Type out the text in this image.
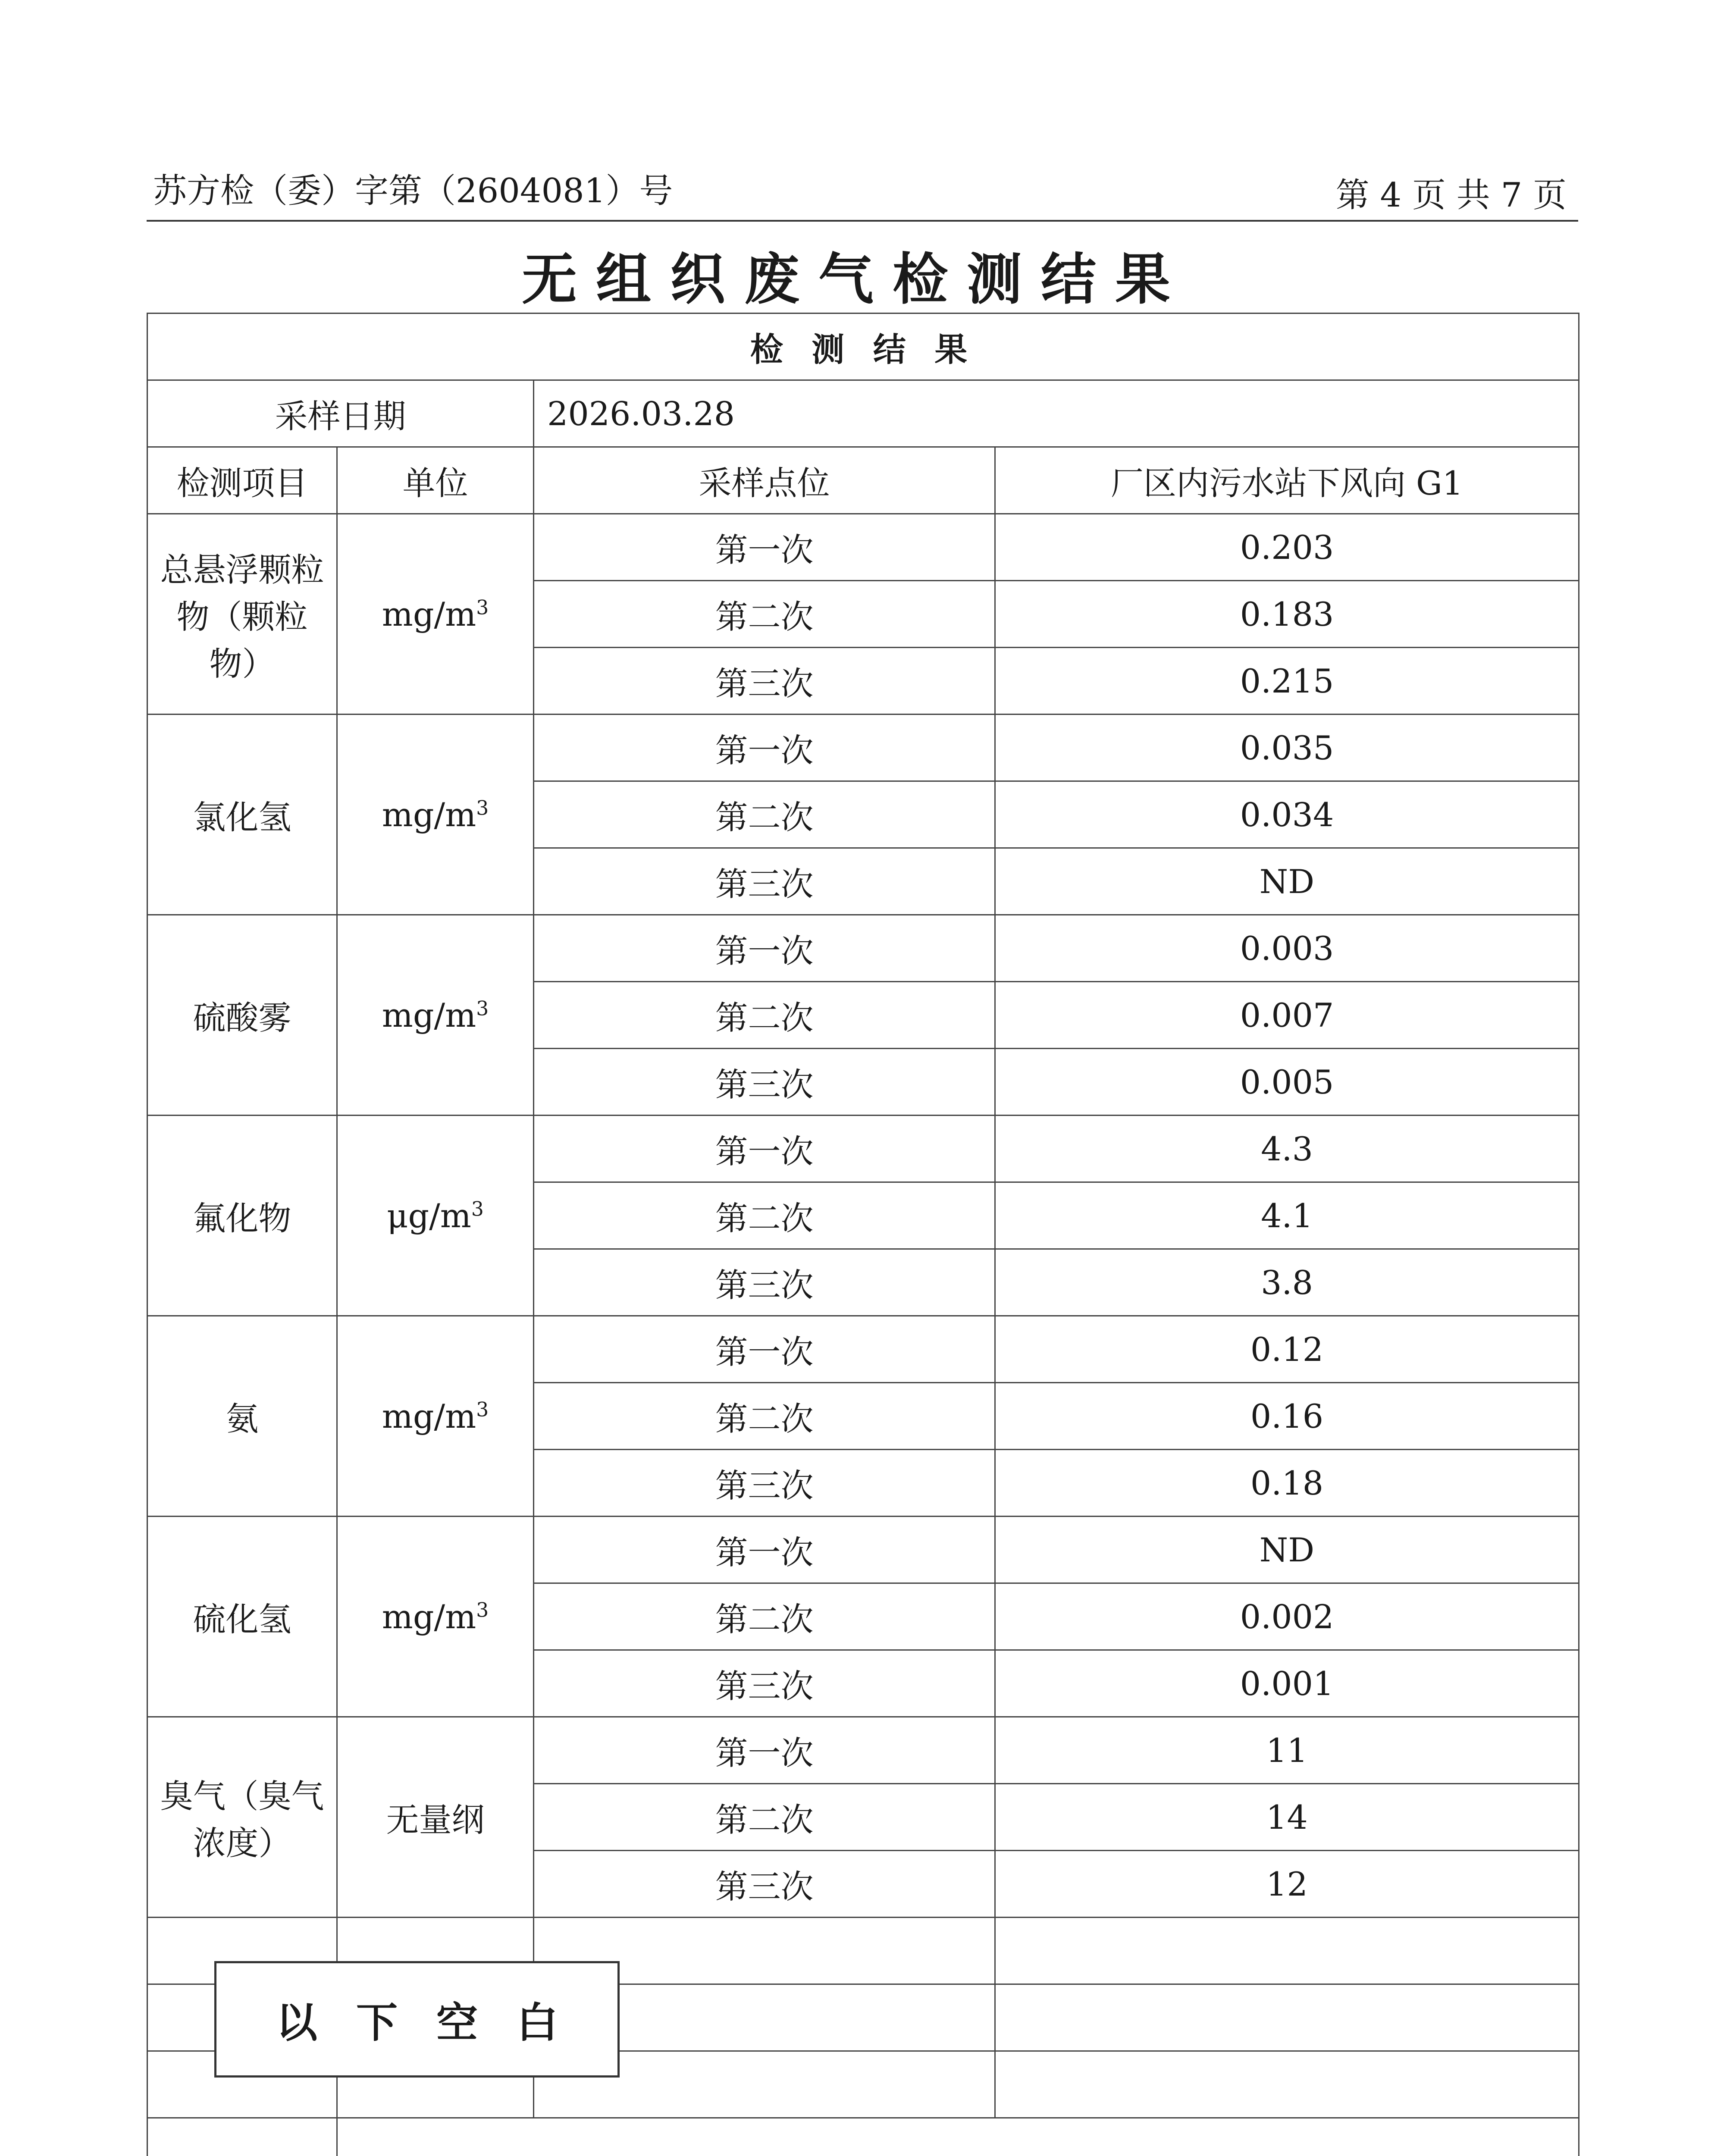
苏方检（委）字第（2604081）号	第 4 页 共 7 页
无组织废气检测结果
检 测 结 果			
采样日期		2026.03.28	
检测项目	单位	采样点位	厂区内污水站下风向 G1
总悬浮颗粒物（颗粒物）	$mg/m^3$	第一次	0.203
		第二次	0.183
		第三次	0.215
氯化氢	$mg/m^3$	第一次	0.035
		第二次	0.034
		第三次	ND
硫酸雾	$mg/m^3$	第一次	0.003
		第二次	0.007
		第三次	0.005
氟化物	$\mu g/m^3$	第一次	4.3
		第二次	4.1
		第三次	3.8
氨	$mg/m^3$	第一次	0.12
		第二次	0.16
		第三次	0.18
硫化氢	$mg/m^3$	第一次	ND
		第二次	0.002
		第三次	0.001
臭气（臭气浓度）	无量纲	第一次	11
		第二次	14
		第三次	12

以下空白
